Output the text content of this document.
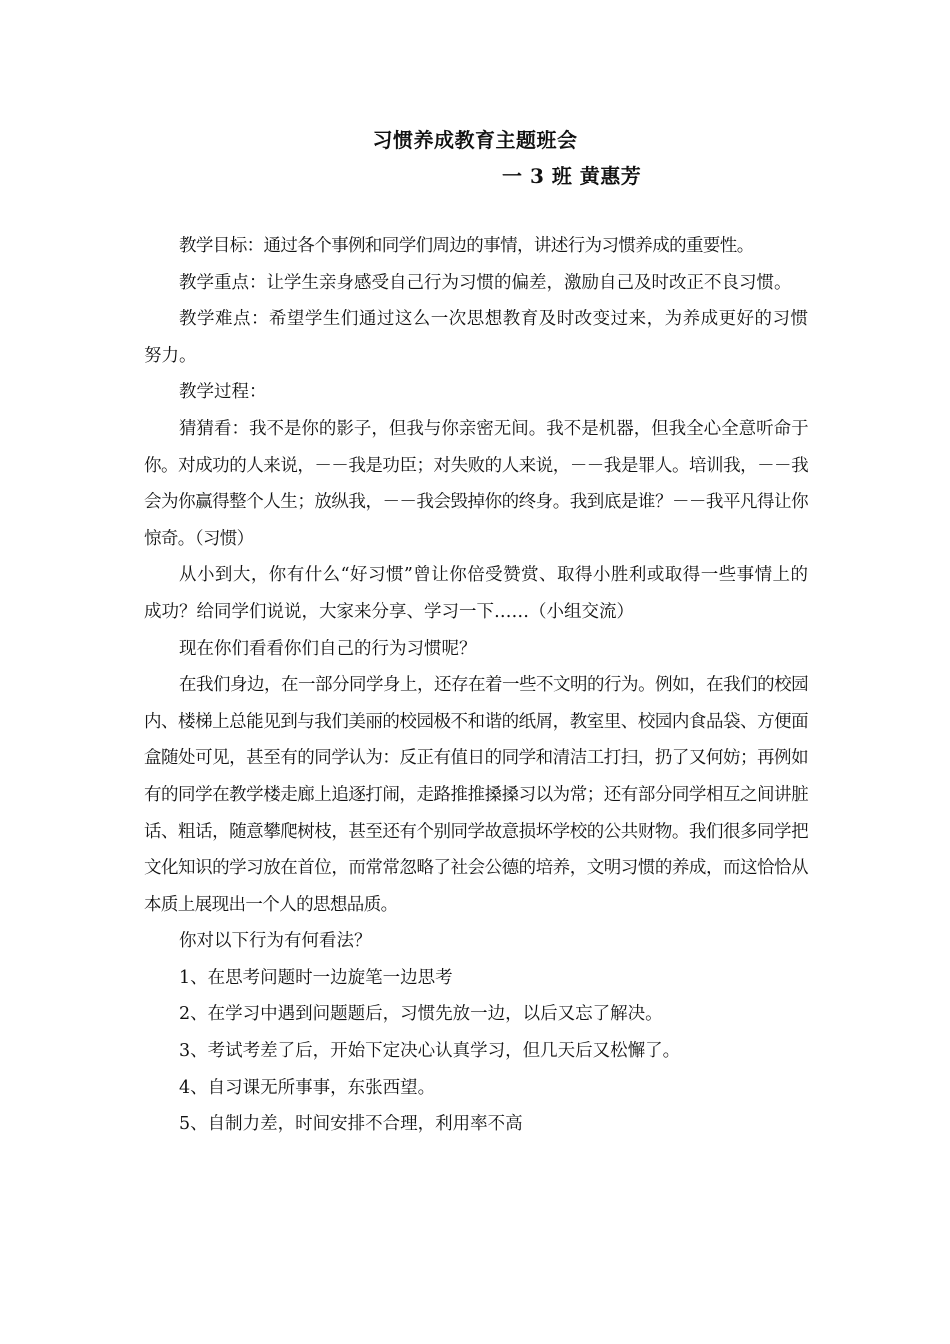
习惯养成教育主题班会
一 3 班 黄惠芳

教学目标：通过各个事例和同学们周边的事情，讲述行为习惯养成的重要性。

教学重点：让学生亲身感受自己行为习惯的偏差，激励自己及时改正不良习惯。

教学难点：希望学生们通过这么一次思想教育及时改变过来，为养成更好的习惯努力。

教学过程：

猜猜看：我不是你的影子，但我与你亲密无间。我不是机器，但我全心全意听命于你。对成功的人来说，－－我是功臣；对失败的人来说，－－我是罪人。培训我，－－我会为你赢得整个人生；放纵我，－－我会毁掉你的终身。我到底是谁？－－我平凡得让你惊奇。（习惯）

从小到大，你有什么“好习惯”曾让你倍受赞赏、取得小胜利或取得一些事情上的成功？给同学们说说，大家来分享、学习一下……（小组交流）

现在你们看看你们自己的行为习惯呢？

在我们身边，在一部分同学身上，还存在着一些不文明的行为。例如，在我们的校园内、楼梯上总能见到与我们美丽的校园极不和谐的纸屑，教室里、校园内食品袋、方便面盒随处可见，甚至有的同学认为：反正有值日的同学和清洁工打扫，扔了又何妨；再例如有的同学在教学楼走廊上追逐打闹，走路推推搡搡习以为常；还有部分同学相互之间讲脏话、粗话，随意攀爬树枝，甚至还有个别同学故意损坏学校的公共财物。我们很多同学把文化知识的学习放在首位，而常常忽略了社会公德的培养，文明习惯的养成，而这恰恰从本质上展现出一个人的思想品质。

你对以下行为有何看法？

1、在思考问题时一边旋笔一边思考

2、在学习中遇到问题题后，习惯先放一边，以后又忘了解决。

3、考试考差了后，开始下定决心认真学习，但几天后又松懈了。

4、自习课无所事事，东张西望。

5、自制力差，时间安排不合理，利用率不高
